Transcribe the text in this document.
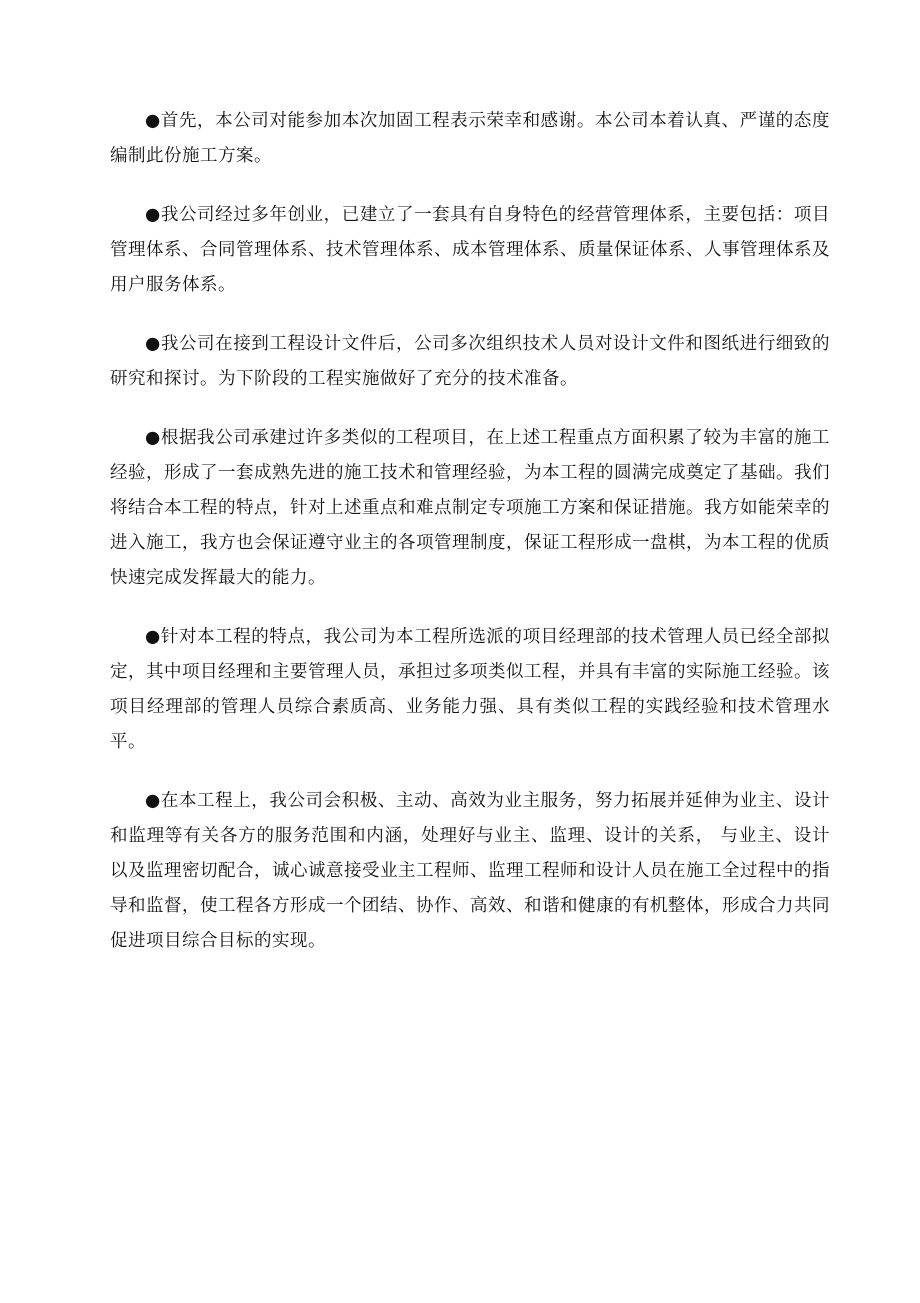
●首先，本公司对能参加本次加固工程表示荣幸和感谢。本公司本着认真、严谨的态度编制此份施工方案。

●我公司经过多年创业，已建立了一套具有自身特色的经营管理体系，主要包括：项目管理体系、合同管理体系、技术管理体系、成本管理体系、质量保证体系、人事管理体系及用户服务体系。

●我公司在接到工程设计文件后，公司多次组织技术人员对设计文件和图纸进行细致的研究和探讨。为下阶段的工程实施做好了充分的技术准备。

●根据我公司承建过许多类似的工程项目，在上述工程重点方面积累了较为丰富的施工经验，形成了一套成熟先进的施工技术和管理经验，为本工程的圆满完成奠定了基础。我们将结合本工程的特点，针对上述重点和难点制定专项施工方案和保证措施。我方如能荣幸的进入施工，我方也会保证遵守业主的各项管理制度，保证工程形成一盘棋，为本工程的优质快速完成发挥最大的能力。

●针对本工程的特点，我公司为本工程所选派的项目经理部的技术管理人员已经全部拟定，其中项目经理和主要管理人员，承担过多项类似工程，并具有丰富的实际施工经验。该项目经理部的管理人员综合素质高、业务能力强、具有类似工程的实践经验和技术管理水平。

●在本工程上，我公司会积极、主动、高效为业主服务，努力拓展并延伸为业主、设计和监理等有关各方的服务范围和内涵，处理好与业主、监理、设计的关系， 与业主、设计以及监理密切配合，诚心诚意接受业主工程师、监理工程师和设计人员在施工全过程中的指导和监督，使工程各方形成一个团结、协作、高效、和谐和健康的有机整体，形成合力共同促进项目综合目标的实现。
